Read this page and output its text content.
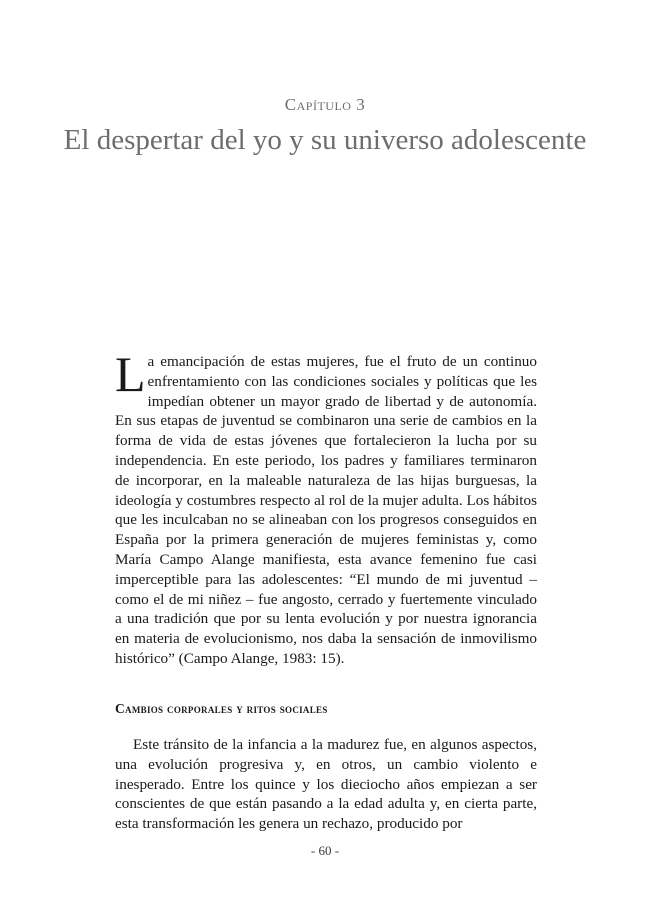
Capítulo 3
El despertar del yo y su universo adolescente

La emancipación de estas mujeres, fue el fruto de un continuo enfrentamiento con las condiciones sociales y políticas que les impedían obtener un mayor grado de libertad y de autonomía. En sus etapas de juventud se combinaron una serie de cambios en la forma de vida de estas jóvenes que fortalecieron la lucha por su independencia. En este periodo, los padres y familiares terminaron de incorporar, en la maleable naturaleza de las hijas burguesas, la ideología y costumbres respecto al rol de la mujer adulta. Los hábitos que les inculcaban no se alineaban con los progresos conseguidos en España por la primera generación de mujeres feministas y, como María Campo Alange manifiesta, esta avance femenino fue casi imperceptible para las adolescentes: “El mundo de mi juventud – como el de mi niñez – fue angosto, cerrado y fuertemente vinculado a una tradición que por su lenta evolución y por nuestra ignorancia en materia de evolucionismo, nos daba la sensación de inmovilismo histórico” (Campo Alange, 1983: 15).

Cambios corporales y ritos sociales

Este tránsito de la infancia a la madurez fue, en algunos aspectos, una evolución progresiva y, en otros, un cambio violento e inesperado. Entre los quince y los dieciocho años empiezan a ser conscientes de que están pasando a la edad adulta y, en cierta parte, esta transformación les genera un rechazo, producido por

- 60 -
